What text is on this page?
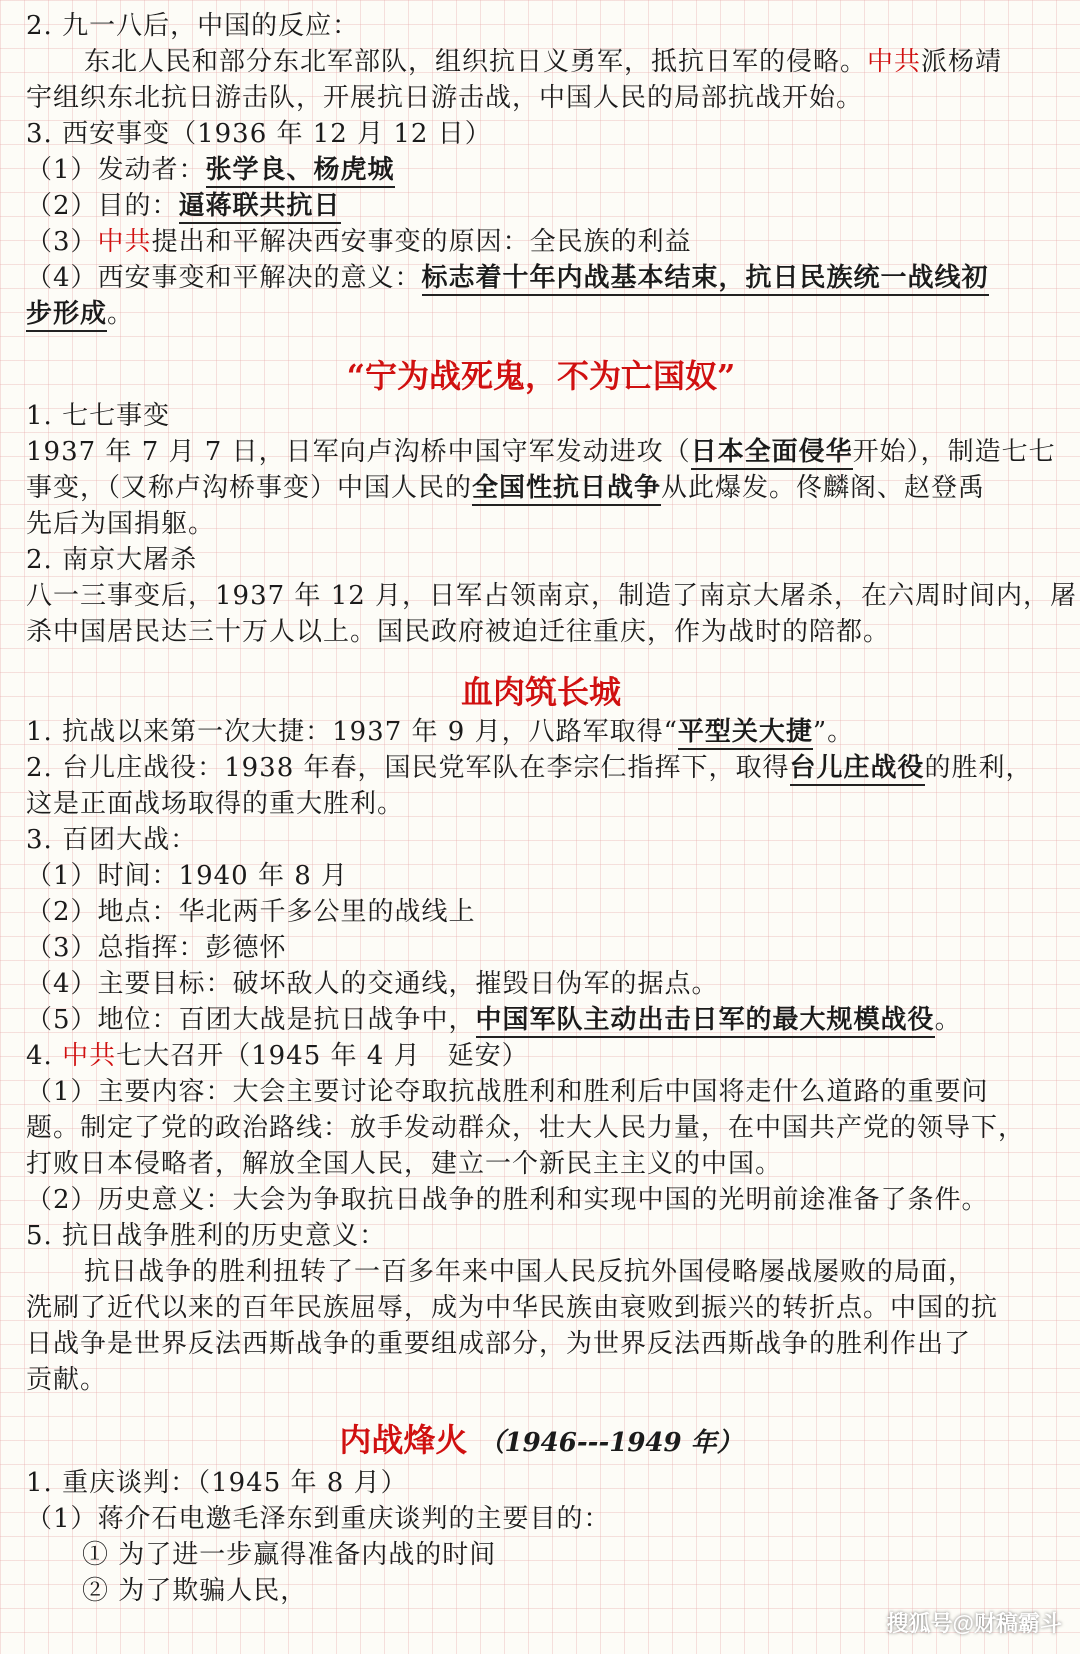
2. 九一八后，中国的反应：
东北人民和部分东北军部队，组织抗日义勇军，抵抗日军的侵略。中共派杨靖
宇组织东北抗日游击队，开展抗日游击战，中国人民的局部抗战开始。
3. 西安事变（1936 年 12 月 12 日）
（1）发动者：张学良、杨虎城
（2）目的：逼蒋联共抗日
（3）中共提出和平解决西安事变的原因：全民族的利益
（4）西安事变和平解决的意义：标志着十年内战基本结束，抗日民族统一战线初
步形成。
“宁为战死鬼，不为亡国奴”
1. 七七事变
1937 年 7 月 7 日，日军向卢沟桥中国守军发动进攻（日本全面侵华开始），制造七七
事变，（又称卢沟桥事变）中国人民的全国性抗日战争从此爆发。佟麟阁、赵登禹
先后为国捐躯。
2. 南京大屠杀
八一三事变后，1937 年 12 月，日军占领南京，制造了南京大屠杀，在六周时间内，屠
杀中国居民达三十万人以上。国民政府被迫迁往重庆，作为战时的陪都。
血肉筑长城
1. 抗战以来第一次大捷：1937 年 9 月，八路军取得“平型关大捷”。
2. 台儿庄战役：1938 年春，国民党军队在李宗仁指挥下，取得台儿庄战役的胜利，
这是正面战场取得的重大胜利。
3. 百团大战：
（1）时间：1940 年 8 月
（2）地点：华北两千多公里的战线上
（3）总指挥：彭德怀
（4）主要目标：破坏敌人的交通线，摧毁日伪军的据点。
（5）地位：百团大战是抗日战争中，中国军队主动出击日军的最大规模战役。
4. 中共七大召开（1945 年 4 月　延安）
（1）主要内容：大会主要讨论夺取抗战胜利和胜利后中国将走什么道路的重要问
题。制定了党的政治路线：放手发动群众，壮大人民力量，在中国共产党的领导下，
打败日本侵略者，解放全国人民，建立一个新民主主义的中国。
（2）历史意义：大会为争取抗日战争的胜利和实现中国的光明前途准备了条件。
5. 抗日战争胜利的历史意义：
抗日战争的胜利扭转了一百多年来中国人民反抗外国侵略屡战屡败的局面，
洗刷了近代以来的百年民族屈辱，成为中华民族由衰败到振兴的转折点。中国的抗
日战争是世界反法西斯战争的重要组成部分，为世界反法西斯战争的胜利作出了
贡献。
内战烽火 （1946---1949 年）
1. 重庆谈判：（1945 年 8 月）
（1）蒋介石电邀毛泽东到重庆谈判的主要目的：
① 为了进一步赢得准备内战的时间
② 为了欺骗人民，
搜狐号@财稿霸斗
